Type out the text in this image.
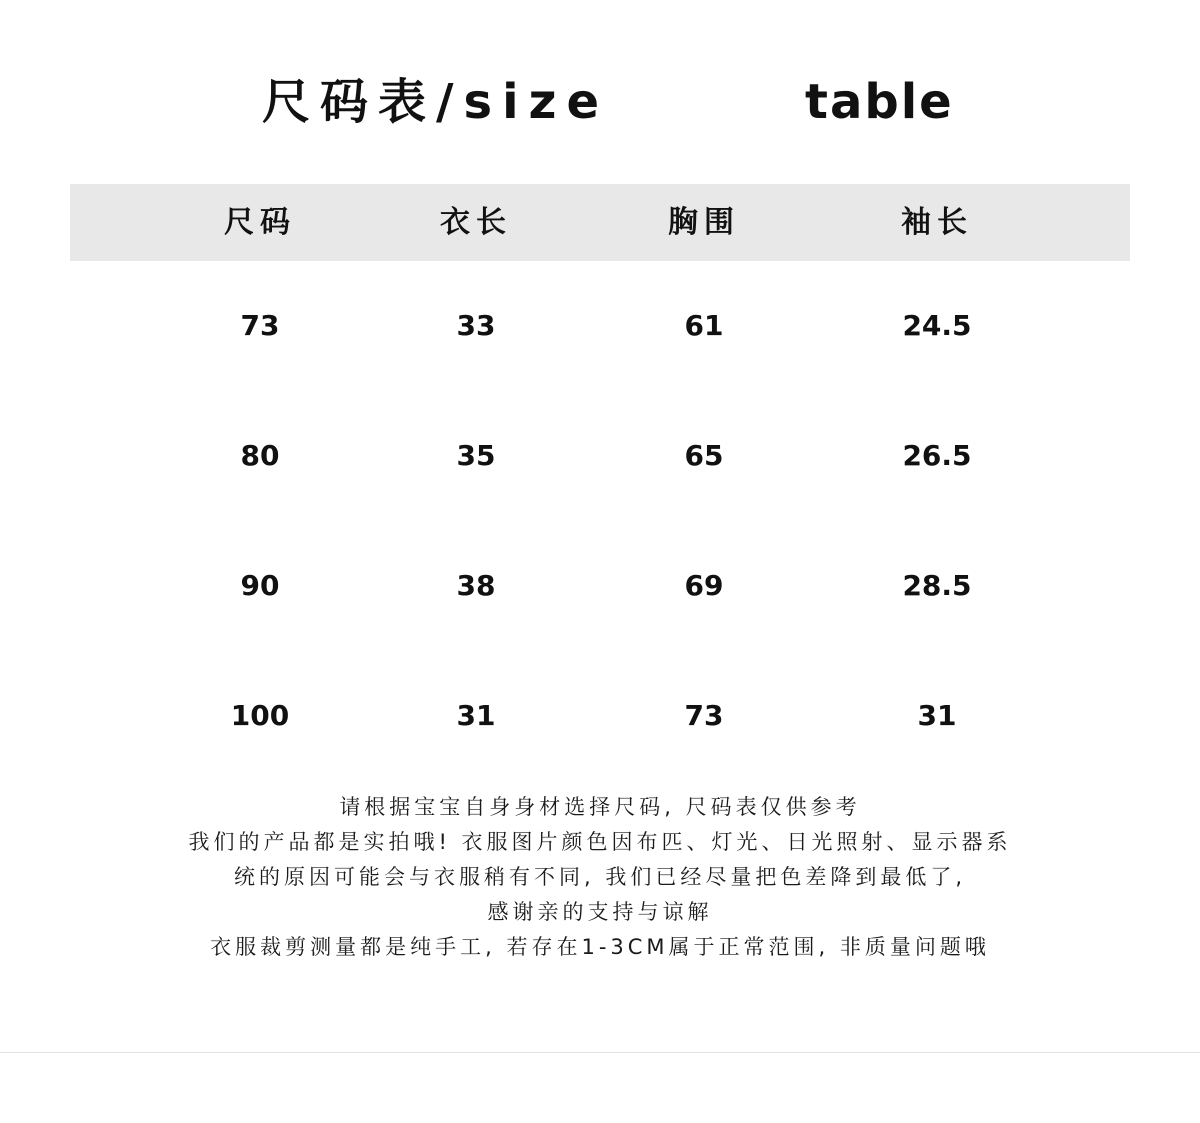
尺码表/size	table
尺码	衣长	胸围	袖长
73	33	61	24.5
80	35	65	26.5
90	38	69	28.5
100	31	73	31
请根据宝宝自身身材选择尺码, 尺码表仅供参考
我们的产品都是实拍哦! 衣服图片颜色因布匹、灯光、日光照射、显示器系
统的原因可能会与衣服稍有不同, 我们已经尽量把色差降到最低了,
感谢亲的支持与谅解
衣服裁剪测量都是纯手工, 若存在1-3CM属于正常范围, 非质量问题哦
